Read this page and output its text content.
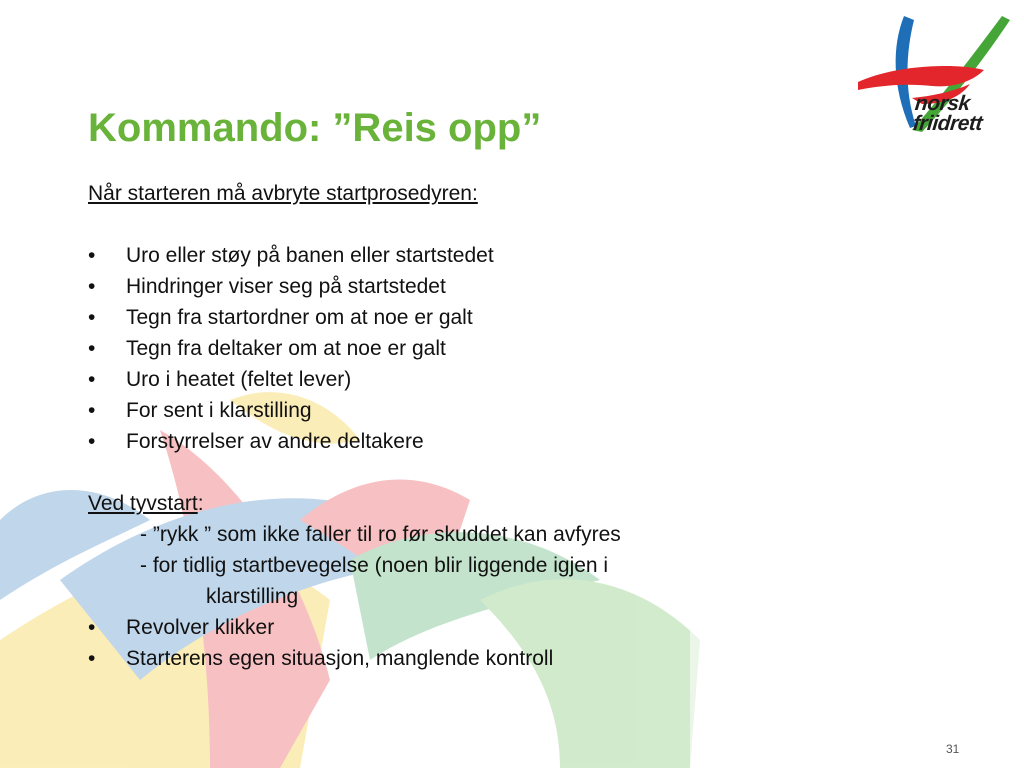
norsk
friidrett
Kommando: ”Reis opp”
Når starteren må avbryte startprosedyren:
• Uro eller støy på banen eller startstedet
• Hindringer viser seg på startstedet
• Tegn fra startordner om at noe er galt
• Tegn fra deltaker om at noe er galt
• Uro i heatet (feltet lever)
• For sent i klarstilling
• Forstyrrelser av andre deltakere
Ved tyvstart:
- ”rykk ” som ikke faller til ro før skuddet kan avfyres
- for tidlig startbevegelse (noen blir liggende igjen i
klarstilling
• Revolver klikker
• Starterens egen situasjon, manglende kontroll
31
